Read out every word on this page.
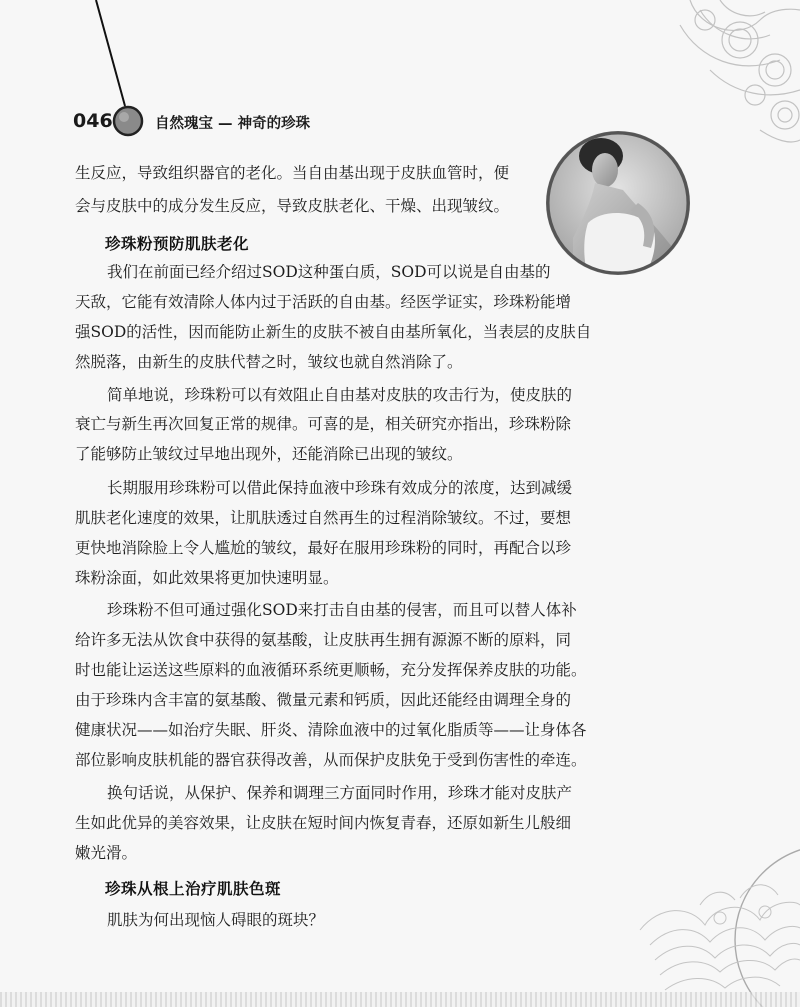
046	自然瑰宝 — 神奇的珍珠
生反应，导致组织器官的老化。当自由基出现于皮肤血管时，便
会与皮肤中的成分发生反应，导致皮肤老化、干燥、出现皱纹。
珍珠粉预防肌肤老化
我们在前面已经介绍过SOD这种蛋白质，SOD可以说是自由基的
天敌，它能有效清除人体内过于活跃的自由基。经医学证实，珍珠粉能增
强SOD的活性，因而能防止新生的皮肤不被自由基所氧化，当表层的皮肤自
然脱落，由新生的皮肤代替之时，皱纹也就自然消除了。
简单地说，珍珠粉可以有效阻止自由基对皮肤的攻击行为，使皮肤的
衰亡与新生再次回复正常的规律。可喜的是，相关研究亦指出，珍珠粉除
了能够防止皱纹过早地出现外，还能消除已出现的皱纹。
长期服用珍珠粉可以借此保持血液中珍珠有效成分的浓度，达到减缓
肌肤老化速度的效果，让肌肤透过自然再生的过程消除皱纹。不过，要想
更快地消除脸上令人尴尬的皱纹，最好在服用珍珠粉的同时，再配合以珍
珠粉涂面，如此效果将更加快速明显。
珍珠粉不但可通过强化SOD来打击自由基的侵害，而且可以替人体补
给许多无法从饮食中获得的氨基酸，让皮肤再生拥有源源不断的原料，同
时也能让运送这些原料的血液循环系统更顺畅，充分发挥保养皮肤的功能。
由于珍珠内含丰富的氨基酸、微量元素和钙质，因此还能经由调理全身的
健康状况——如治疗失眠、肝炎、清除血液中的过氧化脂质等——让身体各
部位影响皮肤机能的器官获得改善，从而保护皮肤免于受到伤害性的牵连。
换句话说，从保护、保养和调理三方面同时作用，珍珠才能对皮肤产
生如此优异的美容效果，让皮肤在短时间内恢复青春，还原如新生儿般细
嫩光滑。
珍珠从根上治疗肌肤色斑
肌肤为何出现恼人碍眼的斑块？
